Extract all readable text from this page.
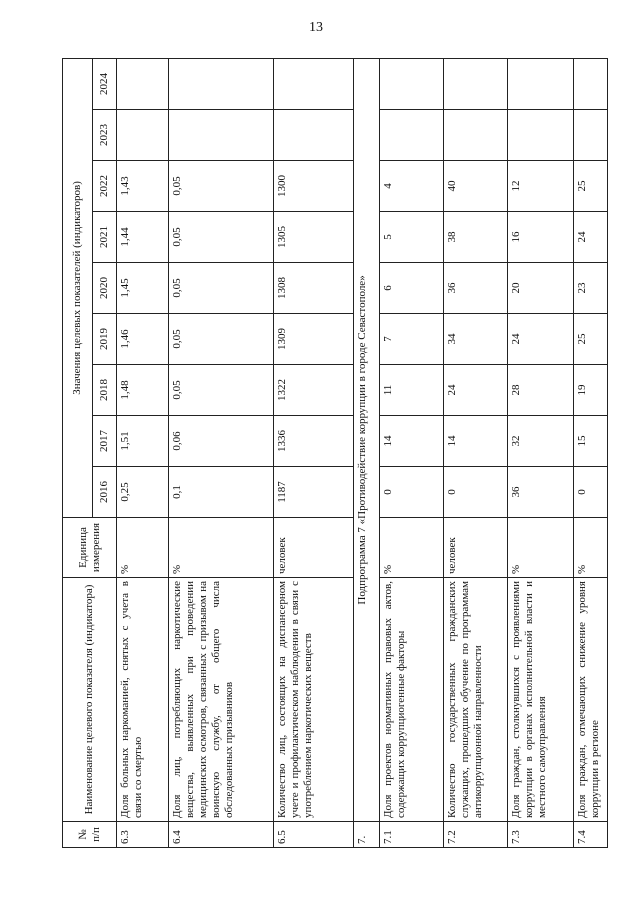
13
№ п/п	Наименование целевого показателя (индикатора)	Единица измерения	Значения целевых показателей (индикаторов)								
			2016	2017	2018	2019	2020	2021	2022	2023	2024
6.3	Доля больных наркоманией, снятых с учета в связи со смертью	%	0,25	1,51	1,48	1,46	1,45	1,44	1,43		
6.4	Доля лиц, потребляющих наркотические вещества, выявленных при проведении медицинских осмотров, связанных с призывом на воинскую службу, от общего числа обследованных призывников	%	0,1	0,06	0,05	0,05	0,05	0,05	0,05		
6.5	Количество лиц, состоящих на диспансерном учете и профилактическом наблюдении в связи с употреблением наркотических веществ	человек	1187	1336	1322	1309	1308	1305	1300		
7.	Подпрограмма 7 «Противодействие коррупции в городе Севастополе»										
7.1	Доля проектов нормативных правовых актов, содержащих коррупциогенные факторы	%	0	14	11	7	6	5	4		
7.2	Количество государственных гражданских служащих, прошедших обучение по программам антикоррупционной направленности	человек	0	14	24	34	36	38	40		
7.3	Доля граждан, столкнувшихся с проявлениями коррупции в органах исполнительной власти и местного самоуправления	%	36	32	28	24	20	16	12		
7.4	Доля граждан, отмечающих снижение уровня коррупции в регионе	%	0	15	19	25	23	24	25		
